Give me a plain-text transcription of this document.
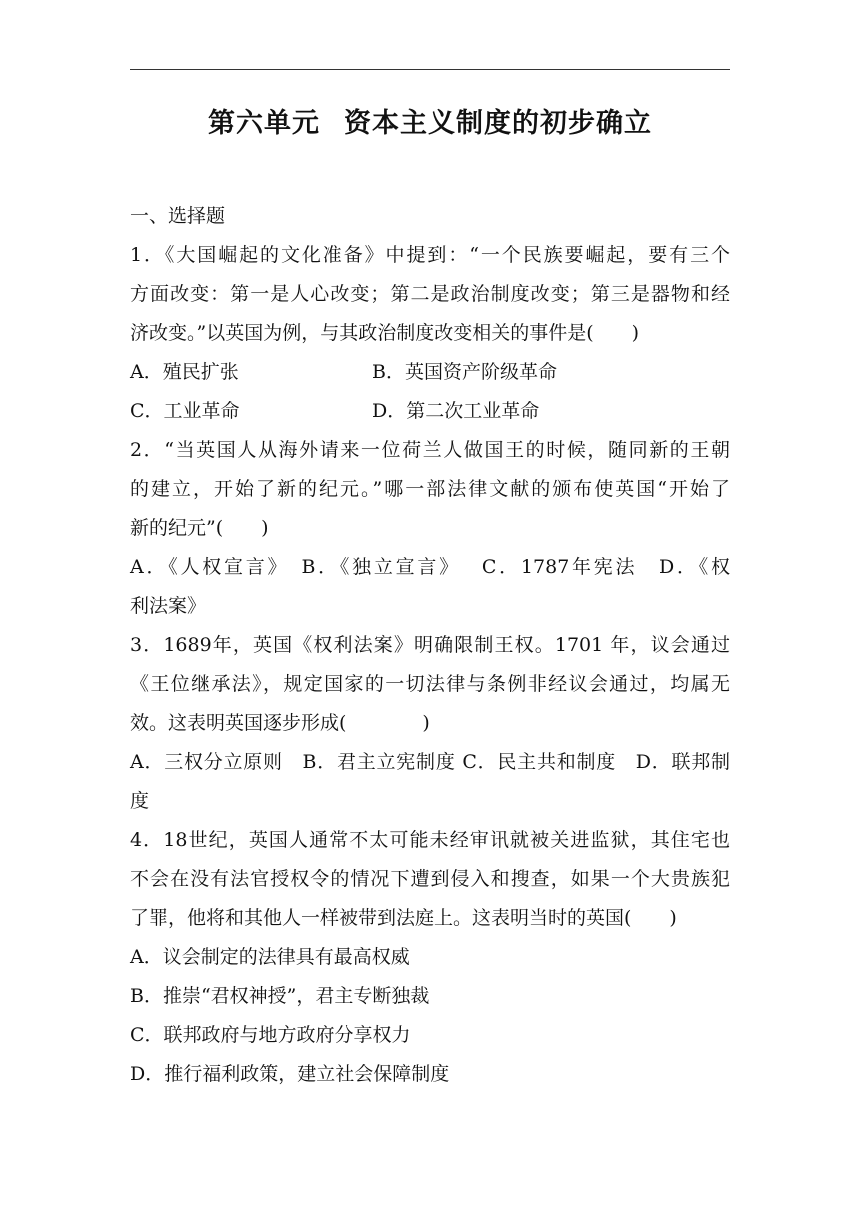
第六单元 资本主义制度的初步确立
一、选择题
1．《大国崛起的文化准备》中提到：“一个民族要崛起，要有三个
方面改变：第一是人心改变；第二是政治制度改变；第三是器物和经
济改变。”以英国为例，与其政治制度改变相关的事件是(　　)
A．殖民扩张	B．英国资产阶级革命
C．工业革命	D．第二次工业革命
2．“当英国人从海外请来一位荷兰人做国王的时候，随同新的王朝
的建立，开始了新的纪元。”哪一部法律文献的颁布使英国“开始了
新的纪元”(　　)
A．《人权宣言》　B．《独立宣言》　 C．1787年宪法　D．《权
利法案》
3．1689年，英国《权利法案》明确限制王权。1701 年，议会通过
《王位继承法》，规定国家的一切法律与条例非经议会通过，均属无
效。这表明英国逐步形成(　　　　)
A．三权分立原则　B．君主立宪制度 C．民主共和制度　D．联邦制
度
4．18世纪，英国人通常不太可能未经审讯就被关进监狱，其住宅也
不会在没有法官授权令的情况下遭到侵入和搜查，如果一个大贵族犯
了罪，他将和其他人一样被带到法庭上。这表明当时的英国(　　)
A．议会制定的法律具有最高权威
B．推崇“君权神授”，君主专断独裁
C．联邦政府与地方政府分享权力
D．推行福利政策，建立社会保障制度
